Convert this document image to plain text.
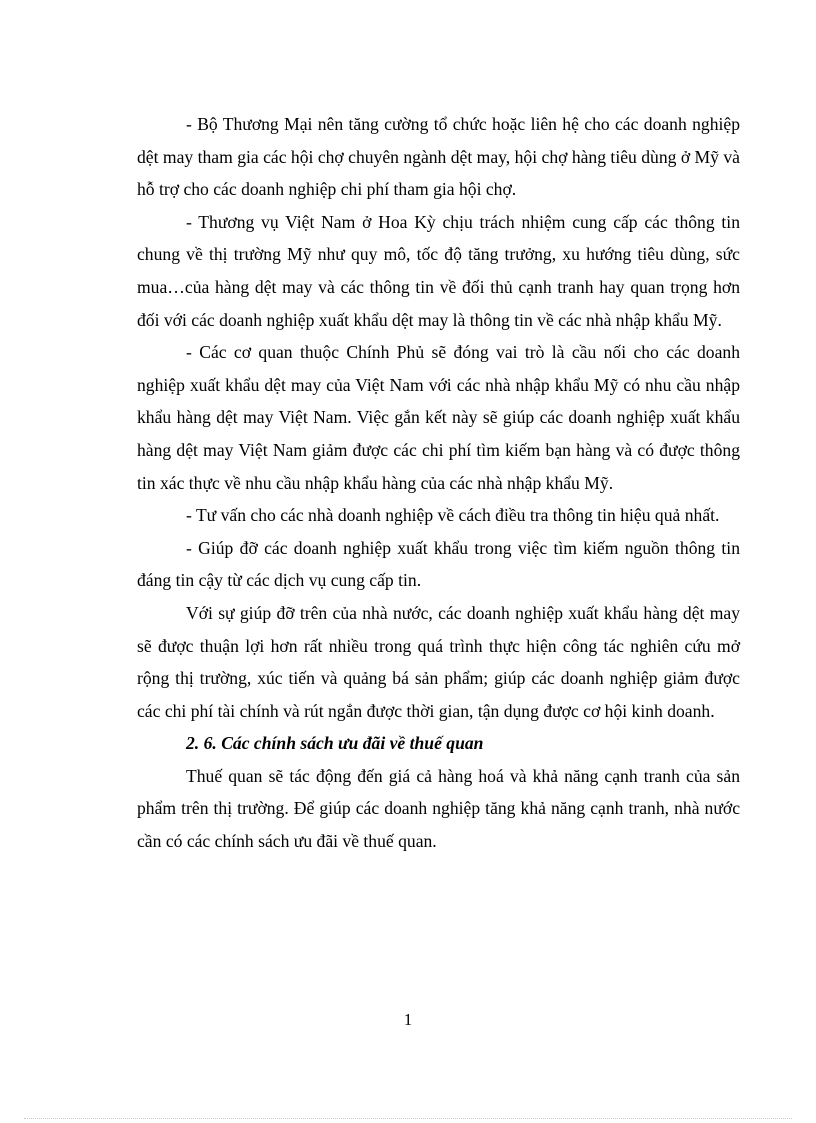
- Bộ Thương Mại nên tăng cường tổ chức hoặc liên hệ cho các doanh nghiệp dệt may tham gia các hội chợ chuyên ngành dệt may, hội chợ hàng tiêu dùng ở Mỹ và hỗ trợ cho các doanh nghiệp chi phí tham gia hội chợ.

- Thương vụ Việt Nam ở Hoa Kỳ chịu trách nhiệm cung cấp các thông tin chung về thị trường Mỹ như quy mô, tốc độ tăng trưởng, xu hướng tiêu dùng, sức mua…của hàng dệt may và các thông tin về đối thủ cạnh tranh hay quan trọng hơn đối với các doanh nghiệp xuất khẩu dệt may là thông tin về các nhà nhập khẩu Mỹ.

- Các cơ quan thuộc Chính Phủ sẽ đóng vai trò là cầu nối cho các doanh nghiệp xuất khẩu dệt may của Việt Nam với các nhà nhập khẩu Mỹ có nhu cầu nhập khẩu hàng dệt may Việt Nam. Việc gắn kết này sẽ giúp các doanh nghiệp xuất khẩu hàng dệt may Việt Nam giảm được các chi phí tìm kiếm bạn hàng và có được thông tin xác thực về nhu cầu nhập khẩu hàng của các nhà nhập khẩu Mỹ.

- Tư vấn cho các nhà doanh nghiệp về cách điều tra thông tin hiệu quả nhất.

- Giúp đỡ các doanh nghiệp xuất khẩu trong việc tìm kiếm nguồn thông tin đáng tin cậy từ các dịch vụ cung cấp tin.

Với sự giúp đỡ trên của nhà nước, các doanh nghiệp xuất khẩu hàng dệt may sẽ được thuận lợi hơn rất nhiều trong quá trình thực hiện công tác nghiên cứu mở rộng thị trường, xúc tiến và quảng bá sản phẩm; giúp các doanh nghiệp giảm được các chi phí tài chính và rút ngắn được thời gian, tận dụng được cơ hội kinh doanh.

2. 6. Các chính sách ưu đãi về thuế quan

Thuế quan sẽ tác động đến giá cả hàng hoá và khả năng cạnh tranh của sản phẩm trên thị trường. Để giúp các doanh nghiệp tăng khả năng cạnh tranh, nhà nước cần có các chính sách ưu đãi về thuế quan.

1
